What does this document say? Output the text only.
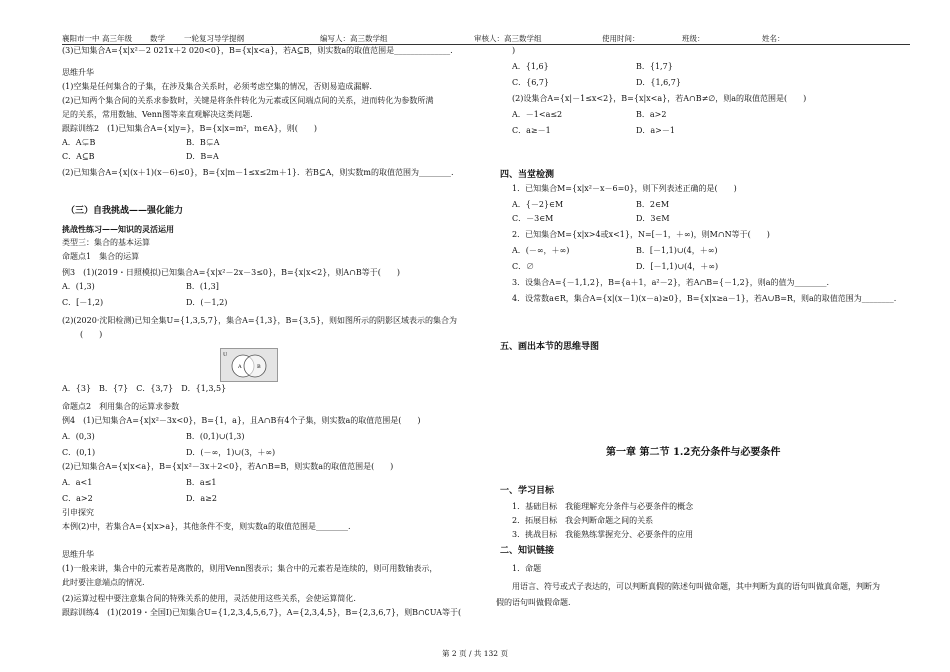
襄阳市一中 高三年级 数学	一轮复习导学提纲	编写人：高三数学组	审核人：高三数学组	使用时间：	班级：	姓名：
(3)已知集合A={x|x²－2 021x＋2 020<0}，B={x|x<a}，若A⊆B，则实数a的取值范围是______________.
思维升华
(1)空集是任何集合的子集，在涉及集合关系时，必须考虑空集的情况，否则易造成漏解.
(2)已知两个集合间的关系求参数时，关键是将条件转化为元素或区间端点间的关系，进而转化为参数所满
足的关系，常用数轴、Venn图等来直观解决这类问题.
跟踪训练2　(1)已知集合A={x|y=}，B={x|x=m²，m∈A}，则(　　)
A．A⊊B	B．B⊊A
C．A⊆B	D．B=A
(2)已知集合A={x|(x＋1)(x－6)≤0}，B={x|m－1≤x≤2m＋1}．若B⊆A，则实数m的取值范围为________.
（三）自我挑战——强化能力
挑战性练习——知识的灵活运用
类型三：集合的基本运算
命题点1　集合的运算
例3　(1)(2019・日照模拟)已知集合A={x|x²－2x－3≤0}，B={x|x<2}，则A∩B等于(　　)
A．(1,3)	B．(1,3]
C．[－1,2)	D．(－1,2)
(2)(2020·沈阳检测)已知全集U={1,3,5,7}，集合A={1,3}，B={3,5}，则如图所示的阴影区域表示的集合为
(　　)
A．{3}　B．{7}　C．{3,7}　D．{1,3,5}
命题点2　利用集合的运算求参数
例4　(1)已知集合A={x|x²－3x<0}，B={1，a}，且A∩B有4个子集，则实数a的取值范围是(　　)
A．(0,3)	B．(0,1)∪(1,3)
C．(0,1)	D．(－∞，1)∪(3，＋∞)
(2)已知集合A={x|x<a}，B={x|x²－3x＋2<0}，若A∩B=B，则实数a的取值范围是(　　)
A．a<1	B．a≤1
C．a>2	D．a≥2
引申探究
本例(2)中，若集合A={x|x>a}，其他条件不变，则实数a的取值范围是________.
思维升华
(1)一般来讲，集合中的元素若是离散的，则用Venn图表示；集合中的元素若是连续的，则可用数轴表示，
此时要注意端点的情况.
(2)运算过程中要注意集合间的特殊关系的使用，灵活使用这些关系，会使运算简化.
跟踪训练4　(1)(2019・全国Ⅰ)已知集合U={1,2,3,4,5,6,7}，A={2,3,4,5}，B={2,3,6,7}，则B∩∁UA等于(
U
A	B
)
A．{1,6}	B．{1,7}
C．{6,7}	D．{1,6,7}
(2)设集合A={x|－1≤x<2}，B={x|x<a}，若A∩B≠∅，则a的取值范围是(　　)
A．－1<a≤2	B．a>2
C．a≥－1	D．a>－1
四、当堂检测
1．已知集合M={x|x²－x－6=0}，则下列表述正确的是(　　)
A．{－2}∈M	B．2∈M
C．－3∈M	D．3∈M
2．已知集合M={x|x>4或x<1}，N=[－1，＋∞)，则M∩N等于(　　)
A．(－∞，＋∞)	B．[－1,1)∪(4，＋∞)
C．∅	D．[－1,1)∪(4，＋∞)
3．设集合A={－1,1,2}，B={a＋1，a²－2}，若A∩B={－1,2}，则a的值为________.
4．设常数a∈R，集合A={x|(x－1)(x－a)≥0}，B={x|x≥a－1}，若A∪B=R，则a的取值范围为________.
五、画出本节的思维导图
第一章 第二节 1.2充分条件与必要条件
一、学习目标
1．基础目标　我能理解充分条件与必要条件的概念
2．拓展目标　我会判断命题之间的关系
3．挑战目标　我能熟练掌握充分、必要条件的应用
二、知识链接
1．命题
用语言、符号或式子表达的，可以判断真假的陈述句叫做命题，其中判断为真的语句叫做真命题，判断为
假的语句叫做假命题.
第 2 页 / 共 132 页
